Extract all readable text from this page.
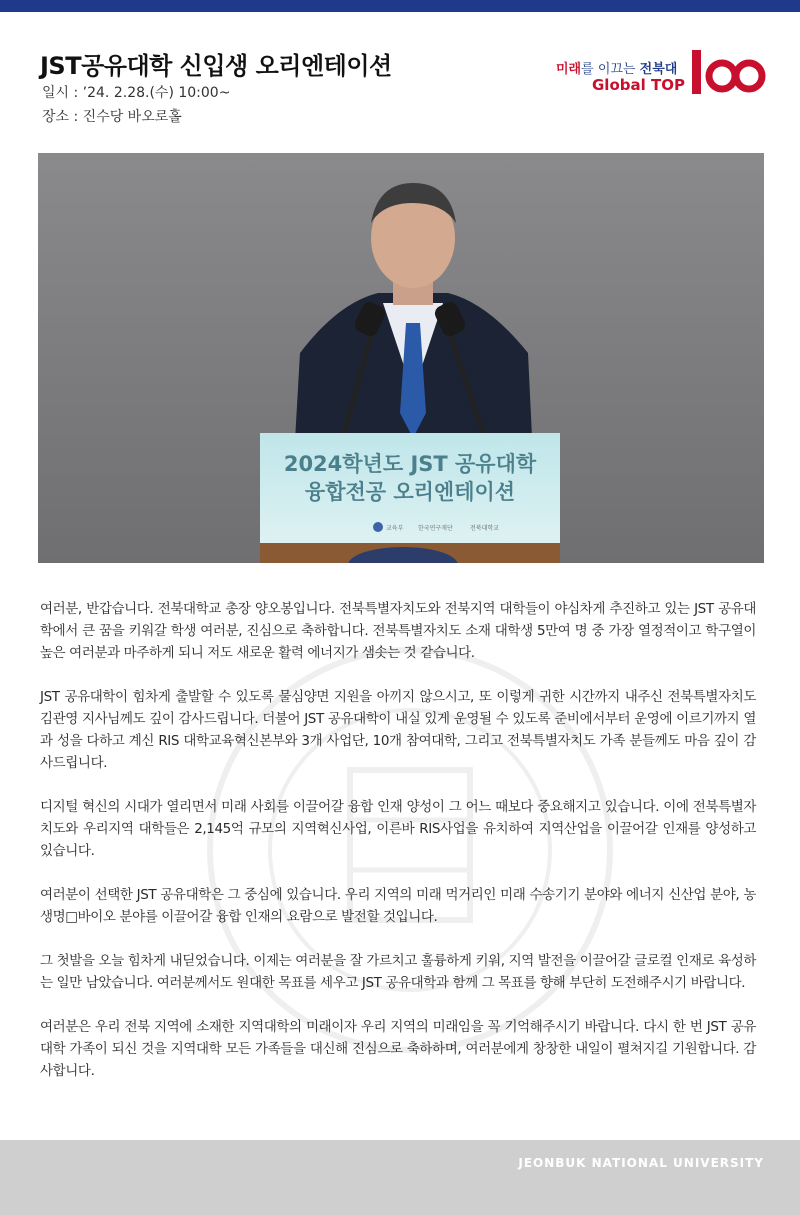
JST공유대학 신입생 오리엔테이션
일시 : ’24. 2.28.(수) 10:00~
장소 : 진수당 바오로홀
미래를 이끄는 전북대
Global TOP
2024학년도 JST 공유대학
융합전공 오리엔테이션
교육부 한국연구재단	전북대학교

여러분, 반갑습니다. 전북대학교 총장 양오봉입니다. 전북특별자치도와 전북지역 대학들이 야심차게 추진하고 있는 JST 공유대학에서 큰 꿈을 키워갈 학생 여러분, 진심으로 축하합니다. 전북특별자치도 소재 대학생 5만여 명 중 가장 열정적이고 학구열이 높은 여러분과 마주하게 되니 저도 새로운 활력 에너지가 샘솟는 것 같습니다.

JST 공유대학이 힘차게 출발할 수 있도록 물심양면 지원을 아끼지 않으시고, 또 이렇게 귀한 시간까지 내주신 전북특별자치도 김관영 지사님께도 깊이 감사드립니다. 더불어 JST 공유대학이 내실 있게 운영될 수 있도록 준비에서부터 운영에 이르기까지 열과 성을 다하고 계신 RIS 대학교육혁신본부와 3개 사업단, 10개 참여대학, 그리고 전북특별자치도 가족 분들께도 마음 깊이 감사드립니다.

디지털 혁신의 시대가 열리면서 미래 사회를 이끌어갈 융합 인재 양성이 그 어느 때보다 중요해지고 있습니다. 이에 전북특별자치도와 우리지역 대학들은 2,145억 규모의 지역혁신사업, 이른바 RIS사업을 유치하여 지역산업을 이끌어갈 인재를 양성하고 있습니다.

여러분이 선택한 JST 공유대학은 그 중심에 있습니다. 우리 지역의 미래 먹거리인 미래 수송기기 분야와 에너지 신산업 분야, 농생명□바이오 분야를 이끌어갈 융합 인재의 요람으로 발전할 것입니다.

그 첫발을 오늘 힘차게 내딛었습니다. 이제는 여러분을 잘 가르치고 훌륭하게 키워, 지역 발전을 이끌어갈 글로컬 인재로 육성하는 일만 남았습니다. 여러분께서도 원대한 목표를 세우고 JST 공유대학과 함께 그 목표를 향해 부단히 도전해주시기 바랍니다.

여러분은 우리 전북 지역에 소재한 지역대학의 미래이자 우리 지역의 미래임을 꼭 기억해주시기 바랍니다. 다시 한 번 JST 공유대학 가족이 되신 것을 지역대학 모든 가족들을 대신해 진심으로 축하하며, 여러분에게 창창한 내일이 펼쳐지길 기원합니다. 감사합니다.

JEONBUK NATIONAL UNIVERSITY
